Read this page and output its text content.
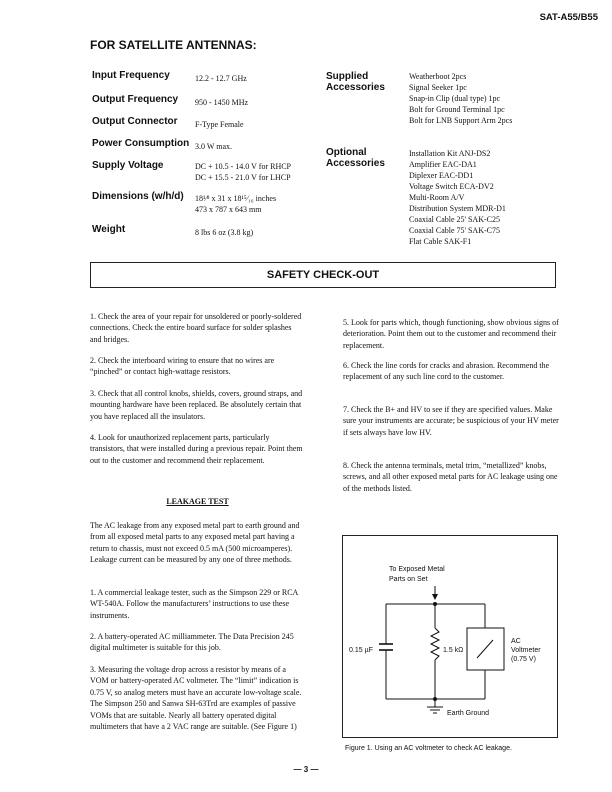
SAT-A55/B55
FOR SATELLITE ANTENNAS:
Input Frequency	12.2 - 12.7 GHz
Output Frequency 950 - 1450 MHz
Output Connector F-Type Female
Power Consumption 3.0 W max.
Supply Voltage	DC + 10.5 - 14.0 V for RHCP
DC + 15.5 - 21.0 V for LHCP
Dimensions (w/h/d) 18¹⁄⁸ x 31 x 18¹⁵⁄₁₆ inches
473 x 787 x 643 mm
Weight	8 lbs 6 oz (3.8 kg)
Supplied
Accessories
Weatherboot 2pcs
Signal Seeker 1pc
Snap-in Clip (dual type) 1pc
Bolt for Ground Terminal 1pc
Bolt for LNB Support Arm 2pcs
Optional
Accessories
Installation Kit ANJ-DS2
Amplifier EAC-DA1
Diplexer EAC-DD1
Voltage Switch ECA-DV2
Multi-Room A/V
Distribution System MDR-D1
Coaxial Cable 25' SAK-C25
Coaxial Cable 75' SAK-C75
Flat Cable SAK-F1
SAFETY CHECK-OUT

1. Check the area of your repair for unsoldered or poorly-soldered connections. Check the entire board surface for solder splashes and bridges.

2. Check the interboard wiring to ensure that no wires are “pinched” or contact high-wattage resistors.

3. Check that all control knobs, shields, covers, ground straps, and mounting hardware have been replaced. Be absolutely certain that you have replaced all the insulators.

4. Look for unauthorized replacement parts, particularly transistors, that were installed during a previous repair. Point them out to the customer and recommend their replacement.

LEAKAGE TEST

The AC leakage from any exposed metal part to earth ground and from all exposed metal parts to any exposed metal part having a return to chassis, must not exceed 0.5 mA (500 microamperes). Leakage current can be measured by any one of three methods.

1. A commercial leakage tester, such as the Simpson 229 or RCA WT-540A. Follow the manufacturers’ instructions to use these instruments.

2. A battery-operated AC milliammeter. The Data Precision 245 digital multimeter is suitable for this job.

3. Measuring the voltage drop across a resistor by means of a VOM or battery-operated AC voltmeter. The “limit” indication is 0.75 V, so analog meters must have an accurate low-voltage scale. The Simpson 250 and Sanwa SH-63Trd are examples of passive VOMs that are suitable. Nearly all battery operated digital multimeters that have a 2 VAC range are suitable. (See Figure 1)

5. Look for parts which, though functioning, show obvious signs of deterioration. Point them out to the customer and recommend their replacement.

6. Check the line cords for cracks and abrasion. Recommend the replacement of any such line cord to the customer.

7. Check the B+ and HV to see if they are specified values. Make sure your instruments are accurate; be suspicious of your HV meter if sets always have low HV.

8. Check the antenna terminals, metal trim, “metallized” knobs, screws, and all other exposed metal parts for AC leakage using one of the methods listed.

To Exposed Metal
Parts on Set
0.15 µF	1.5 kΩ
AC
Voltmeter
(0.75 V)
Earth Ground
Figure 1. Using an AC voltmeter to check AC leakage.
— 3 —
